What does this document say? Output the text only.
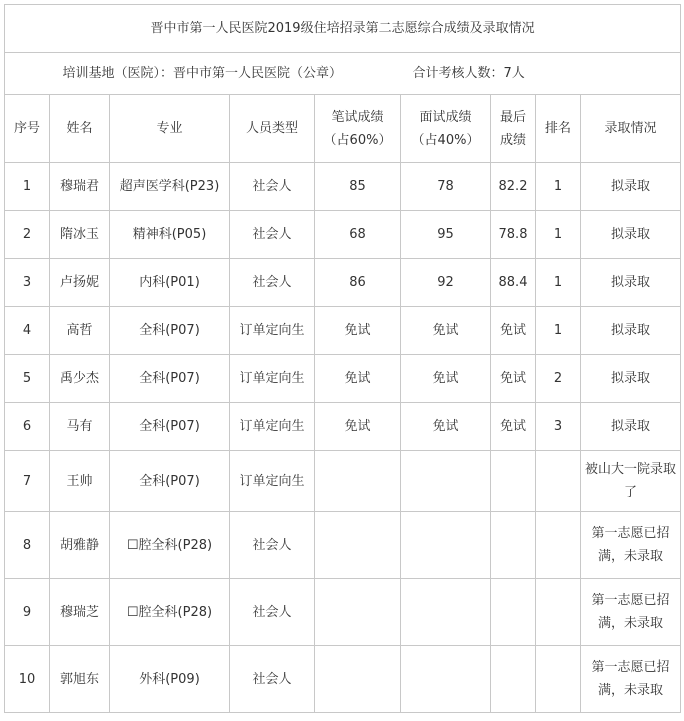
晋中市第一人民医院2019级住培招录第二志愿综合成绩及录取情况								
培训基地（医院）：晋中市第一人民医院（公章） 合计考核人数：7人								
序号	姓名	专业	人员类型	笔试成绩（占60%）	面试成绩（占40%）	最后成绩	排名	录取情况
1	穆瑞君	超声医学科(P23)	社会人	85	78	82.2	1	拟录取
2	隋冰玉	精神科(P05)	社会人	68	95	78.8	1	拟录取
3	卢扬妮	内科(P01)	社会人	86	92	88.4	1	拟录取
4	高哲	全科(P07)	订单定向生	免试	免试	免试	1	拟录取
5	禹少杰	全科(P07)	订单定向生	免试	免试	免试	2	拟录取
6	马有	全科(P07)	订单定向生	免试	免试	免试	3	拟录取
7	王帅	全科(P07)	订单定向生					被山大一院录取了
8	胡雅静	☐腔全科(P28)	社会人					第一志愿已招满，未录取
9	穆瑞芝	☐腔全科(P28)	社会人					第一志愿已招满，未录取
10	郭旭东	外科(P09)	社会人					第一志愿已招满，未录取
